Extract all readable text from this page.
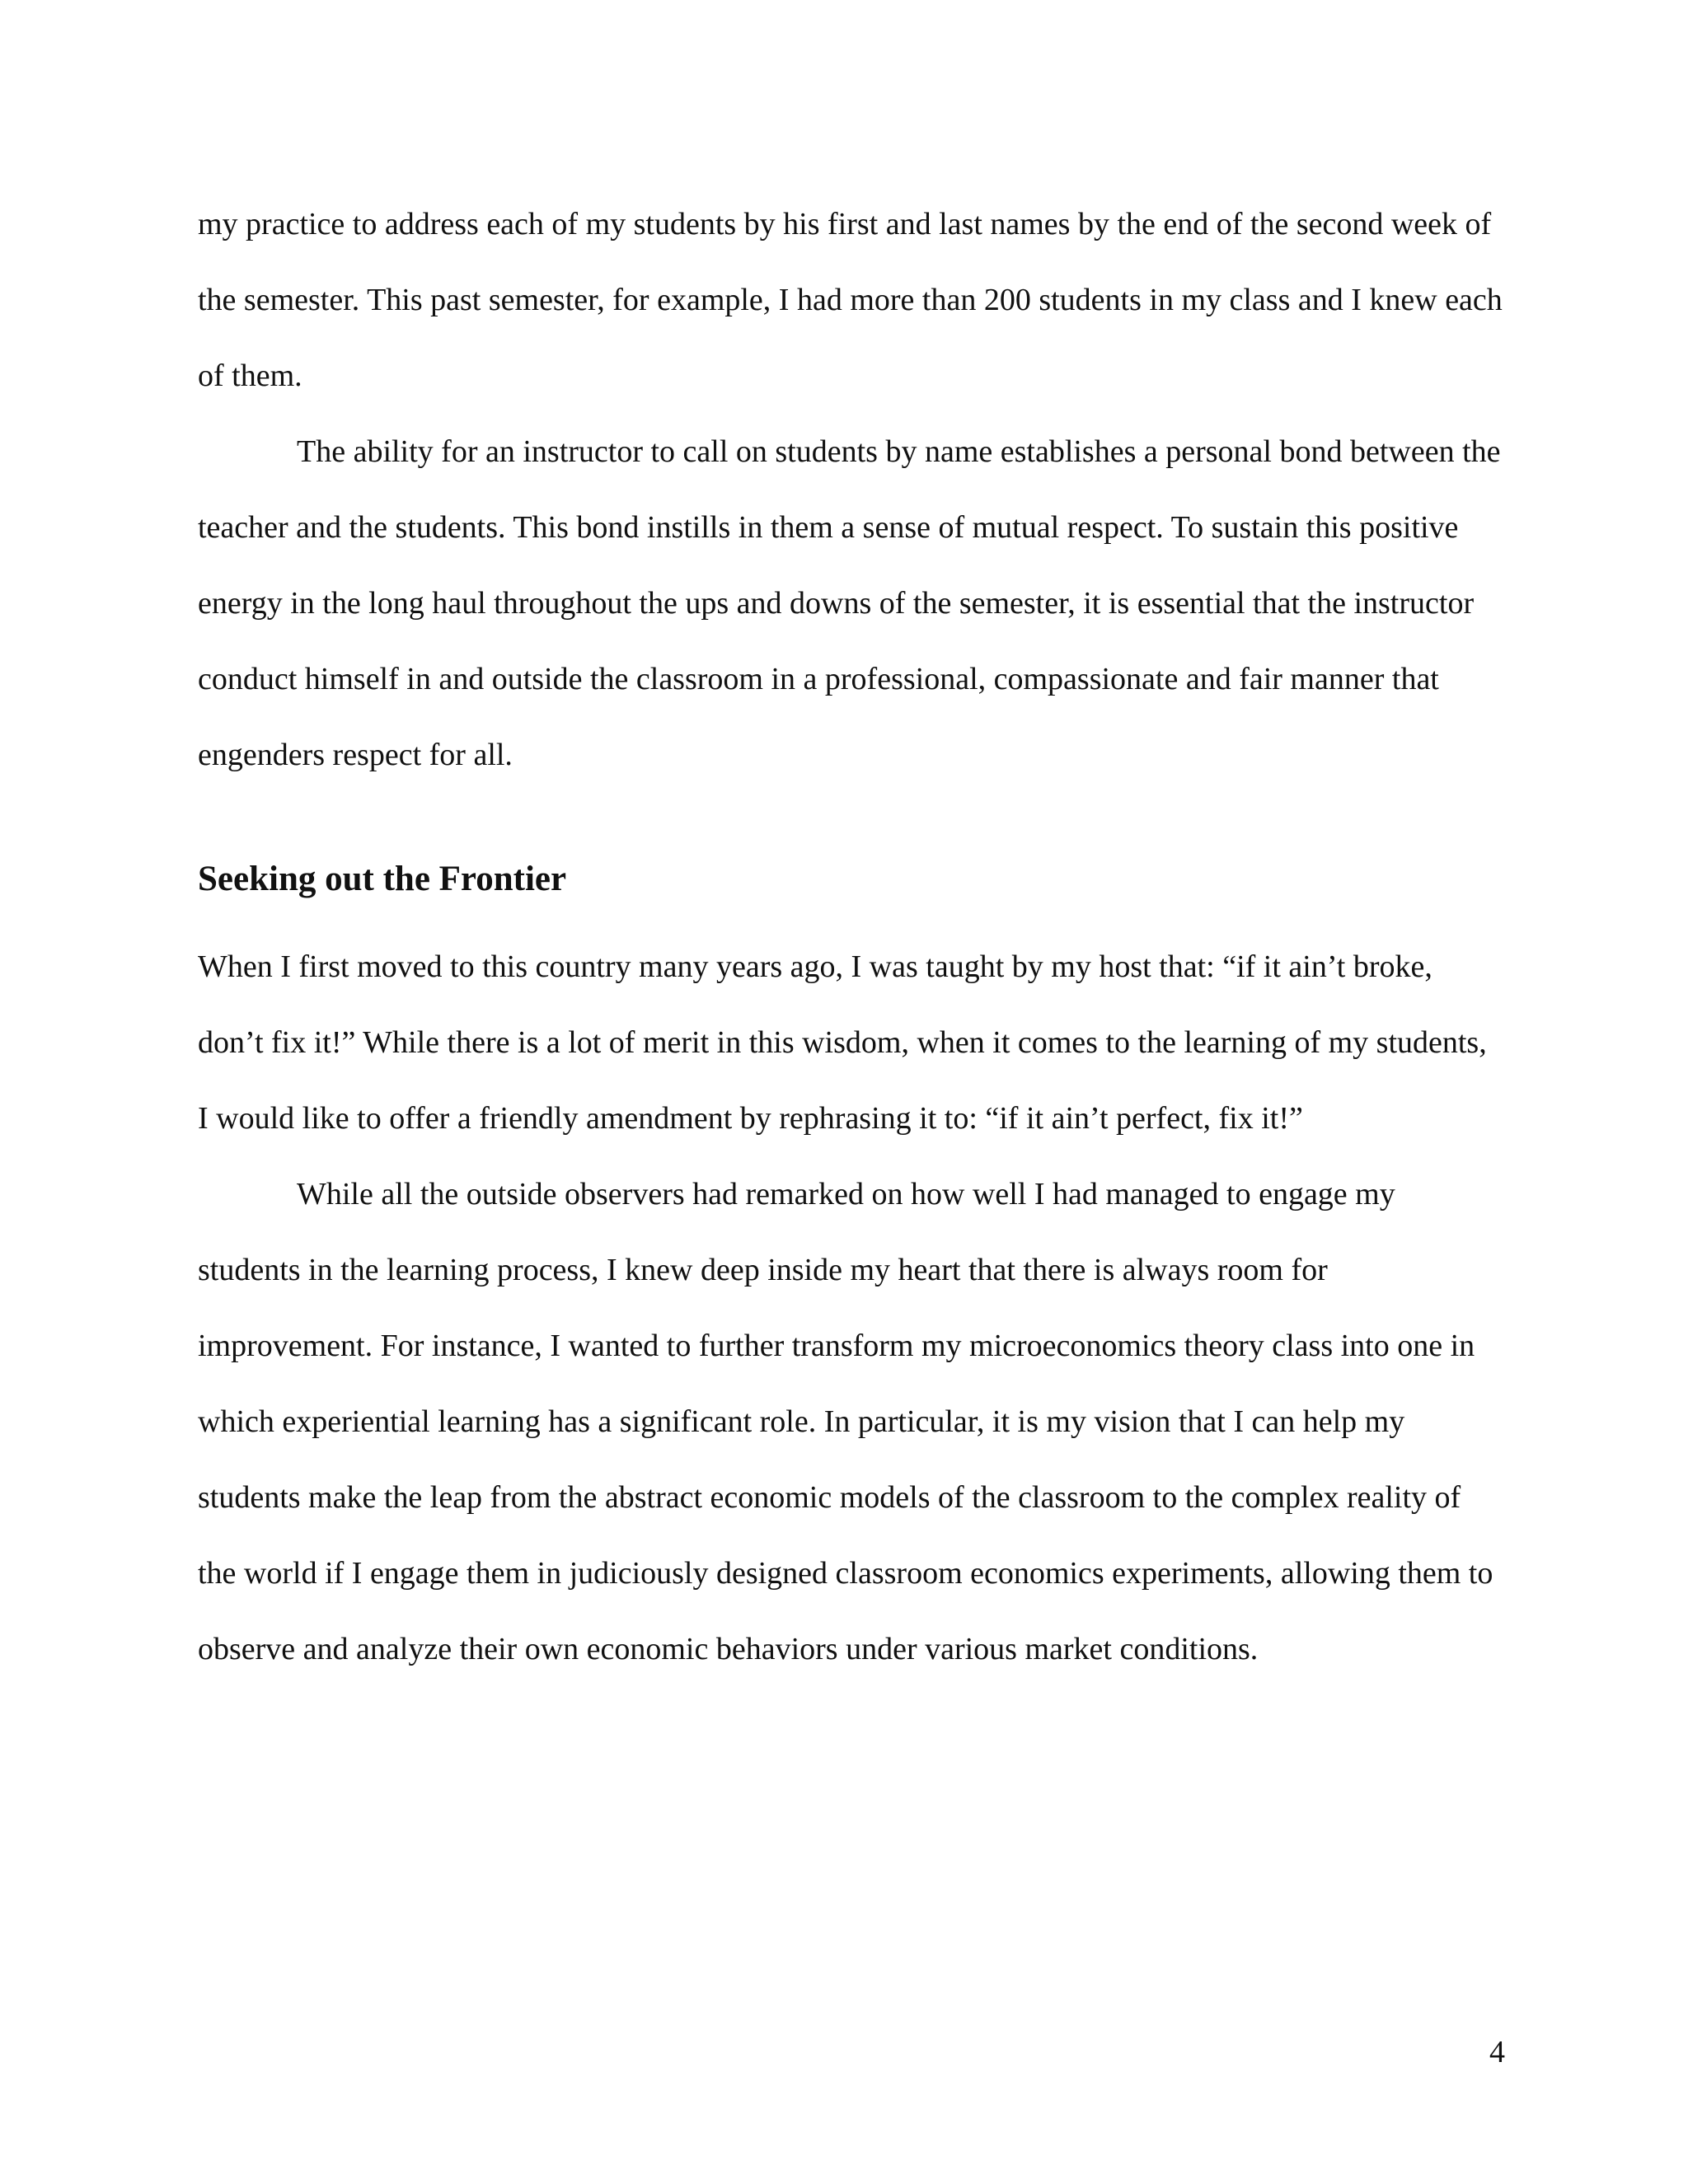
my practice to address each of my students by his first and last names by the end of the second week of the semester. This past semester, for example, I had more than 200 students in my class and I knew each of them.

The ability for an instructor to call on students by name establishes a personal bond between the teacher and the students. This bond instills in them a sense of mutual respect. To sustain this positive energy in the long haul throughout the ups and downs of the semester, it is essential that the instructor conduct himself in and outside the classroom in a professional, compassionate and fair manner that engenders respect for all.

Seeking out the Frontier

When I first moved to this country many years ago, I was taught by my host that: “if it ain’t broke, don’t fix it!” While there is a lot of merit in this wisdom, when it comes to the learning of my students, I would like to offer a friendly amendment by rephrasing it to: “if it ain’t perfect, fix it!”

While all the outside observers had remarked on how well I had managed to engage my students in the learning process, I knew deep inside my heart that there is always room for improvement. For instance, I wanted to further transform my microeconomics theory class into one in which experiential learning has a significant role. In particular, it is my vision that I can help my students make the leap from the abstract economic models of the classroom to the complex reality of the world if I engage them in judiciously designed classroom economics experiments, allowing them to observe and analyze their own economic behaviors under various market conditions.

4
